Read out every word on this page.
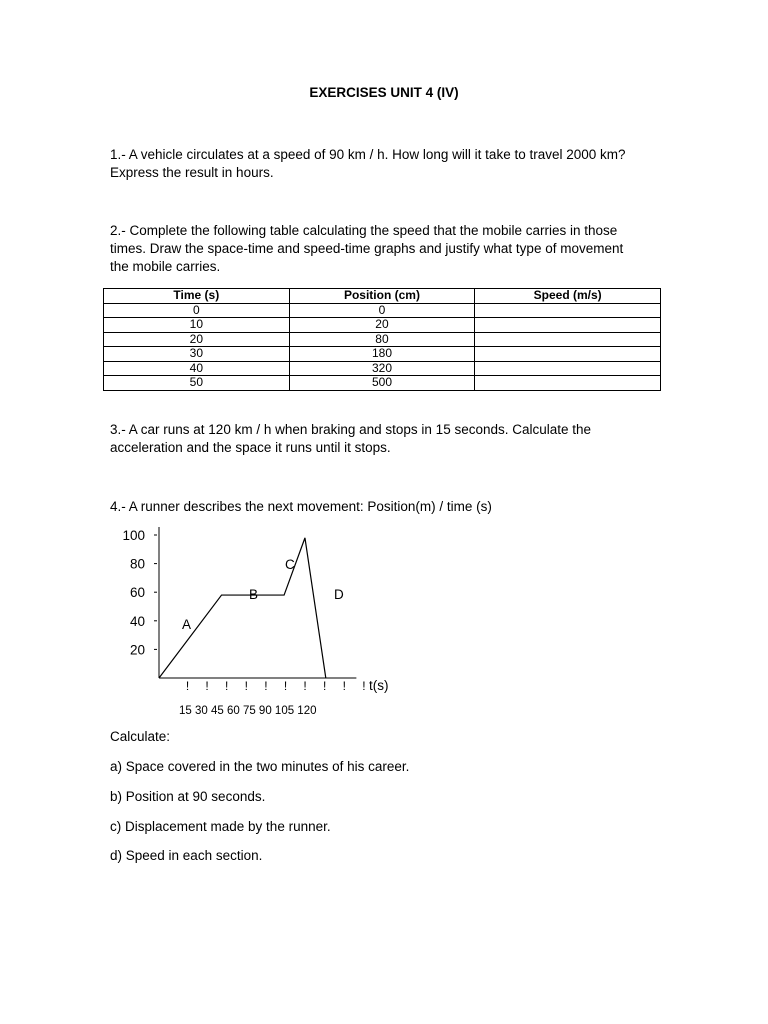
EXERCISES UNIT 4 (IV)
1.- A vehicle circulates at a speed of 90 km / h. How long will it take to travel 2000 km?
Express the result in hours.
2.- Complete the following table calculating the speed that the mobile carries in those
times. Draw the space-time and speed-time graphs and justify what type of movement
the mobile carries.
Time (s)	Position (cm)	Speed (m/s)
0	0	
10	20	
20	80	
30	180	
40	320	
50	500	
3.- A car runs at 120 km / h when braking and stops in 15 seconds. Calculate the
acceleration and the space it runs until it stops.
4.- A runner describes the next movement: Position(m) / time (s)
100
80
60
40
20
! ! ! ! ! ! ! ! ! !
A
B
C
D
t(s)
15 30 45 60 75 90 105 120
Calculate:
a) Space covered in the two minutes of his career.
b) Position at 90 seconds.
c) Displacement made by the runner.
d) Speed in each section.
